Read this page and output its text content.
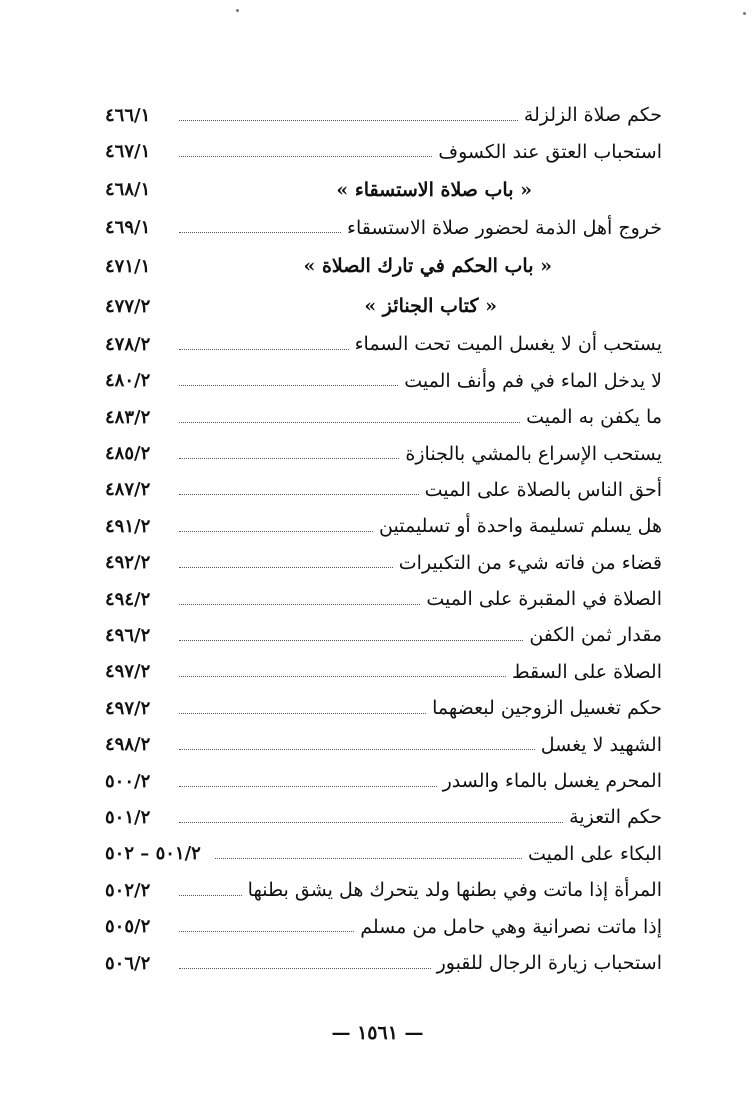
حكم صلاة الزلزلة
٤٦٦/١
استحباب العتق عند الكسوف
٤٦٧/١
« باب صلاة الاستسقاء »
٤٦٨/١
خروج أهل الذمة لحضور صلاة الاستسقاء
٤٦٩/١
« باب الحكم في تارك الصلاة »
٤٧١/١
« كتاب الجنائز »
٤٧٧/٢
يستحب أن لا يغسل الميت تحت السماء
٤٧٨/٢
لا يدخل الماء في فم وأنف الميت
٤٨٠/٢
ما يكفن به الميت
٤٨٣/٢
يستحب الإسراع بالمشي بالجنازة
٤٨٥/٢
أحق الناس بالصلاة على الميت
٤٨٧/٢
هل يسلم تسليمة واحدة أو تسليمتين
٤٩١/٢
قضاء من فاته شيء من التكبيرات
٤٩٢/٢
الصلاة في المقبرة على الميت
٤٩٤/٢
مقدار ثمن الكفن
٤٩٦/٢
الصلاة على السقط
٤٩٧/٢
حكم تغسيل الزوجين لبعضهما
٤٩٧/٢
الشهيد لا يغسل
٤٩٨/٢
المحرم يغسل بالماء والسدر
٥٠٠/٢
حكم التعزية
٥٠١/٢
البكاء على الميت
٥٠١/٢ – ٥٠٢
المرأة إذا ماتت وفي بطنها ولد يتحرك هل يشق بطنها
٥٠٢/٢
إذا ماتت نصرانية وهي حامل من مسلم
٥٠٥/٢
استحباب زيارة الرجال للقبور
٥٠٦/٢
— ١٥٦١ —
